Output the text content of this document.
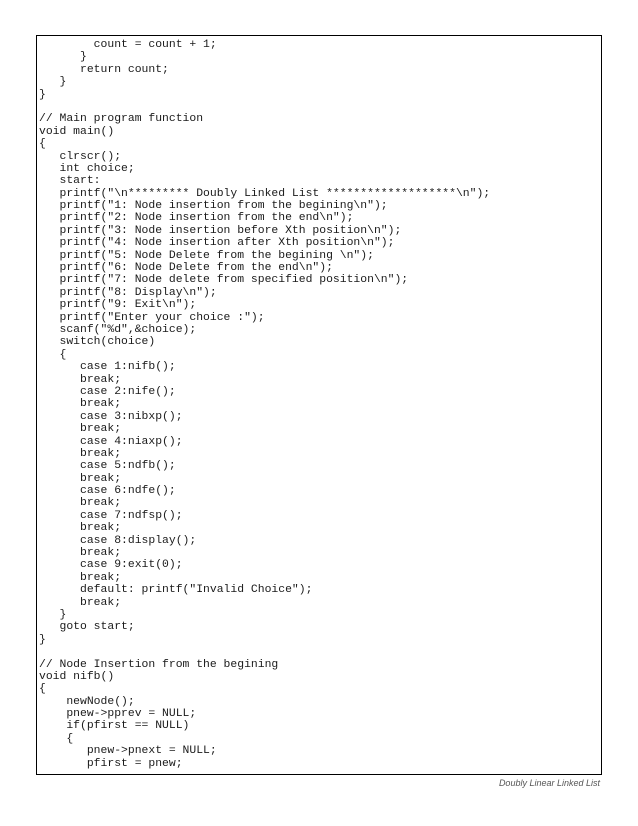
count = count + 1;
}
return count;
}
}
// Main program function
void main()
{
clrscr();
int choice;
start:
printf("\n********* Doubly Linked List *******************\n");
printf("1: Node insertion from the begining\n");
printf("2: Node insertion from the end\n");
printf("3: Node insertion before Xth position\n");
printf("4: Node insertion after Xth position\n");
printf("5: Node Delete from the begining \n");
printf("6: Node Delete from the end\n");
printf("7: Node delete from specified position\n");
printf("8: Display\n");
printf("9: Exit\n");
printf("Enter your choice :");
scanf("%d",&choice);
switch(choice)
{
case 1:nifb();
break;
case 2:nife();
break;
case 3:nibxp();
break;
case 4:niaxp();
break;
case 5:ndfb();
break;
case 6:ndfe();
break;
case 7:ndfsp();
break;
case 8:display();
break;
case 9:exit(0);
break;
default: printf("Invalid Choice");
break;
}
goto start;
}
// Node Insertion from the begining
void nifb()
{
newNode();
pnew->pprev = NULL;
if(pfirst == NULL)
{
pnew->pnext = NULL;
pfirst = pnew;
Doubly Linear Linked List
